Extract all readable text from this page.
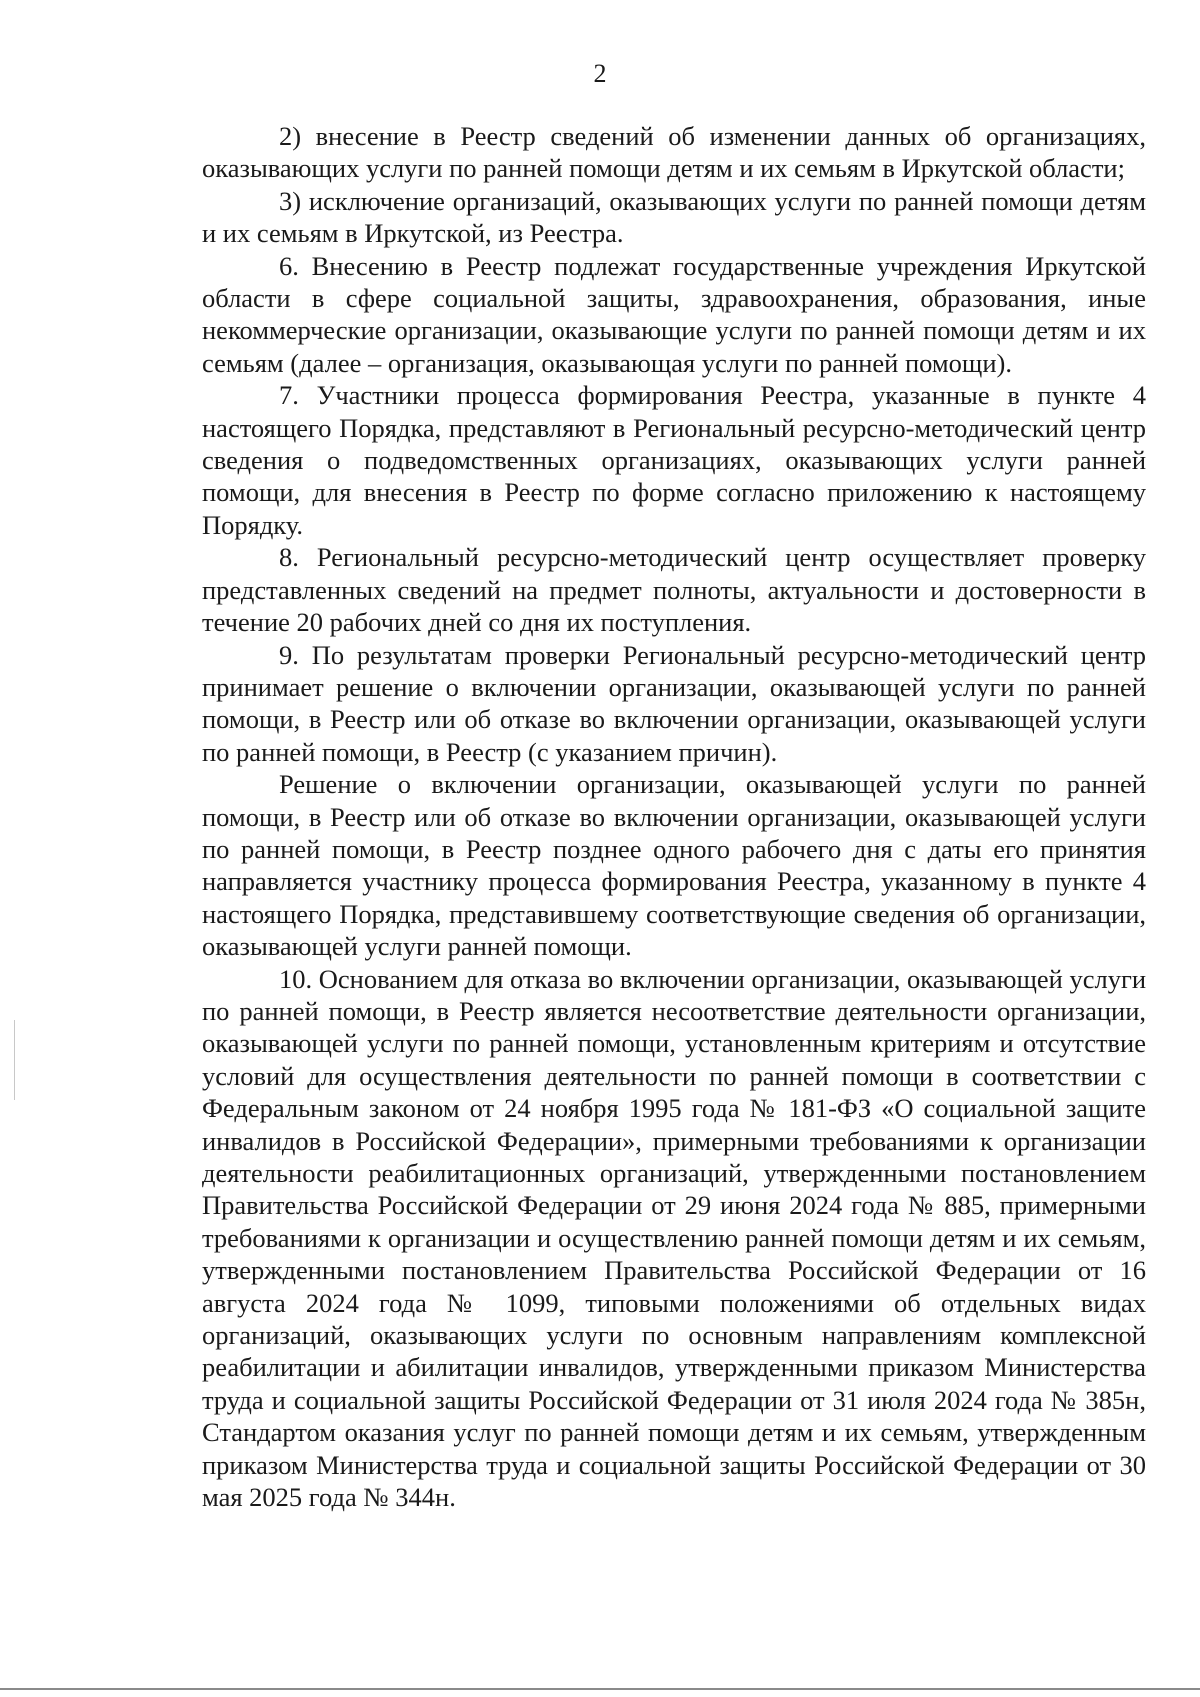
2

2) внесение в Реестр сведений об изменении данных об организациях, оказывающих услуги по ранней помощи детям и их семьям в Иркутской области;

3) исключение организаций, оказывающих услуги по ранней помощи детям и их семьям в Иркутской, из Реестра.

6. Внесению в Реестр подлежат государственные учреждения Иркутской области в сфере социальной защиты, здравоохранения, образования, иные некоммерческие организации, оказывающие услуги по ранней помощи детям и их семьям (далее – организация, оказывающая услуги по ранней помощи).

7. Участники процесса формирования Реестра, указанные в пункте 4 настоящего Порядка, представляют в Региональный ресурсно-методический центр сведения о подведомственных организациях, оказывающих услуги ранней помощи, для внесения в Реестр по форме согласно приложению к настоящему Порядку.

8. Региональный ресурсно-методический центр осуществляет проверку представленных сведений на предмет полноты, актуальности и достоверности в течение 20 рабочих дней со дня их поступления.

9. По результатам проверки Региональный ресурсно-методический центр принимает решение о включении организации, оказывающей услуги по ранней помощи, в Реестр или об отказе во включении организации, оказывающей услуги по ранней помощи, в Реестр (с указанием причин).

Решение о включении организации, оказывающей услуги по ранней помощи, в Реестр или об отказе во включении организации, оказывающей услуги по ранней помощи, в Реестр позднее одного рабочего дня с даты его принятия направляется участнику процесса формирования Реестра, указанному в пункте 4 настоящего Порядка, представившему соответствующие сведения об организации, оказывающей услуги ранней помощи.

10. Основанием для отказа во включении организации, оказывающей услуги по ранней помощи, в Реестр является несоответствие деятельности организации, оказывающей услуги по ранней помощи, установленным критериям и отсутствие условий для осуществления деятельности по ранней помощи в соответствии с Федеральным законом от 24 ноября 1995 года № 181-ФЗ «О социальной защите инвалидов в Российской Федерации», примерными требованиями к организации деятельности реабилитационных организаций, утвержденными постановлением Правительства Российской Федерации от 29 июня 2024 года № 885, примерными требованиями к организации и осуществлению ранней помощи детям и их семьям, утвержденными постановлением Правительства Российской Федерации от 16 августа 2024 года № 1099, типовыми положениями об отдельных видах организаций, оказывающих услуги по основным направлениям комплексной реабилитации и абилитации инвалидов, утвержденными приказом Министерства труда и социальной защиты Российской Федерации от 31 июля 2024 года № 385н, Стандартом оказания услуг по ранней помощи детям и их семьям, утвержденным приказом Министерства труда и социальной защиты Российской Федерации от 30 мая 2025 года № 344н.
